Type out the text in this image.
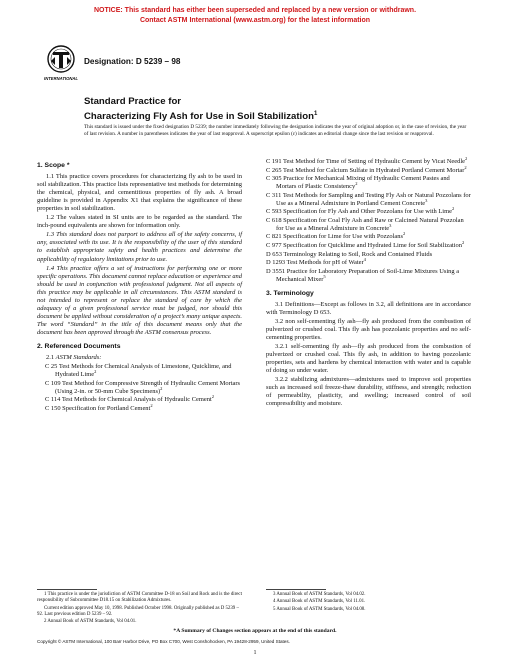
NOTICE: This standard has either been superseded and replaced by a new version or withdrawn.
Contact ASTM International (www.astm.org) for the latest information
INTERNATIONAL
Designation: D 5239 – 98
Standard Practice for
Characterizing Fly Ash for Use in Soil Stabilization$^1$
This standard is issued under the fixed designation D 5239; the number immediately following the designation indicates the year of original adoption or, in the case of revision, the year of last revision. A number in parentheses indicates the year of last reapproval. A superscript epsilon (ε) indicates an editorial change since the last revision or reapproval.
1. Scope *

1.1 This practice covers procedures for characterizing fly ash to be used in soil stabilization. This practice lists representative test methods for determining the chemical, physical, and cementitious properties of fly ash. A broad guideline is provided in Appendix X1 that explains the significance of these properties in soil stabilization.

1.2 The values stated in SI units are to be regarded as the standard. The inch-pound equivalents are shown for information only.

1.3 This standard does not purport to address all of the safety concerns, if any, associated with its use. It is the responsibility of the user of this standard to establish appropriate safety and health practices and determine the applicability of regulatory limitations prior to use.

1.4 This practice offers a set of instructions for performing one or more specific operations. This document cannot replace education or experience and should be used in conjunction with professional judgment. Not all aspects of this practice may be applicable in all circumstances. This ASTM standard is not intended to represent or replace the standard of care by which the adequacy of a given professional service must be judged, nor should this document be applied without consideration of a project’s many unique aspects. The word “Standard” in the title of this document means only that the document has been approved through the ASTM consensus process.

2. Referenced Documents

2.1 ASTM Standards:

C 25 Test Methods for Chemical Analysis of Limestone, Quicklime, and Hydrated Lime$^2$
C 109 Test Method for Compressive Strength of Hydraulic Cement Mortars (Using 2-in. or 50-mm Cube Specimens)$^2$
C 114 Test Methods for Chemical Analysis of Hydraulic Cement$^2$
C 150 Specification for Portland Cement$^2$
C 191 Test Method for Time of Setting of Hydraulic Cement by Vicat Needle$^2$
C 265 Test Method for Calcium Sulfate in Hydrated Portland Cement Mortar$^2$
C 305 Practice for Mechanical Mixing of Hydraulic Cement Pastes and Mortars of Plastic Consistency$^2$
C 311 Test Methods for Sampling and Testing Fly Ash or Natural Pozzolans for Use as a Mineral Admixture in Portland Cement Concrete$^3$
C 593 Specification for Fly Ash and Other Pozzolans for Use with Lime$^2$
C 618 Specification for Coal Fly Ash and Raw or Calcined Natural Pozzolan for Use as a Mineral Admixture in Concrete$^3$
C 821 Specification for Lime for Use with Pozzolans$^2$
C 977 Specification for Quicklime and Hydrated Lime for Soil Stabilization$^2$
D 653 Terminology Relating to Soil, Rock and Contained Fluids
D 1293 Test Methods for pH of Water$^4$
D 3551 Practice for Laboratory Preparation of Soil-Lime Mixtures Using a Mechanical Mixer$^5$
3. Terminology

3.1 Definitions—Except as follows in 3.2, all definitions are in accordance with Terminology D 653.

3.2 non self-cementing fly ash—fly ash produced from the combustion of pulverized or crushed coal. This fly ash has pozzolanic properties and no self-cementing properties.

3.2.1 self-cementing fly ash—fly ash produced from the combustion of pulverized or crushed coal. This fly ash, in addition to having pozzolanic properties, sets and hardens by chemical interaction with water and is capable of doing so under water.

3.2.2 stabilizing admixtures—admixtures used to improve soil properties such as increased soil freeze-thaw durability, stiffness, and strength; reduction of permeability, plasticity, and swelling; increased control of soil compressibility and moisture.

1 This practice is under the jurisdiction of ASTM Committee D-18 on Soil and Rock and is the direct responsibility of Subcommittee D18.15 on Stabilization Admixtures.

Current edition approved May 10, 1998. Published October 1998. Originally published as D 5239 – 92. Last previous edition D 5239 – 92.

2 Annual Book of ASTM Standards, Vol 04.01.

3 Annual Book of ASTM Standards, Vol 04.02.

4 Annual Book of ASTM Standards, Vol 11.01.

5 Annual Book of ASTM Standards, Vol 04.08.

*A Summary of Changes section appears at the end of this standard.
Copyright © ASTM International, 100 Barr Harbor Drive, PO Box C700, West Conshohocken, PA 19428-2959, United States.
1
